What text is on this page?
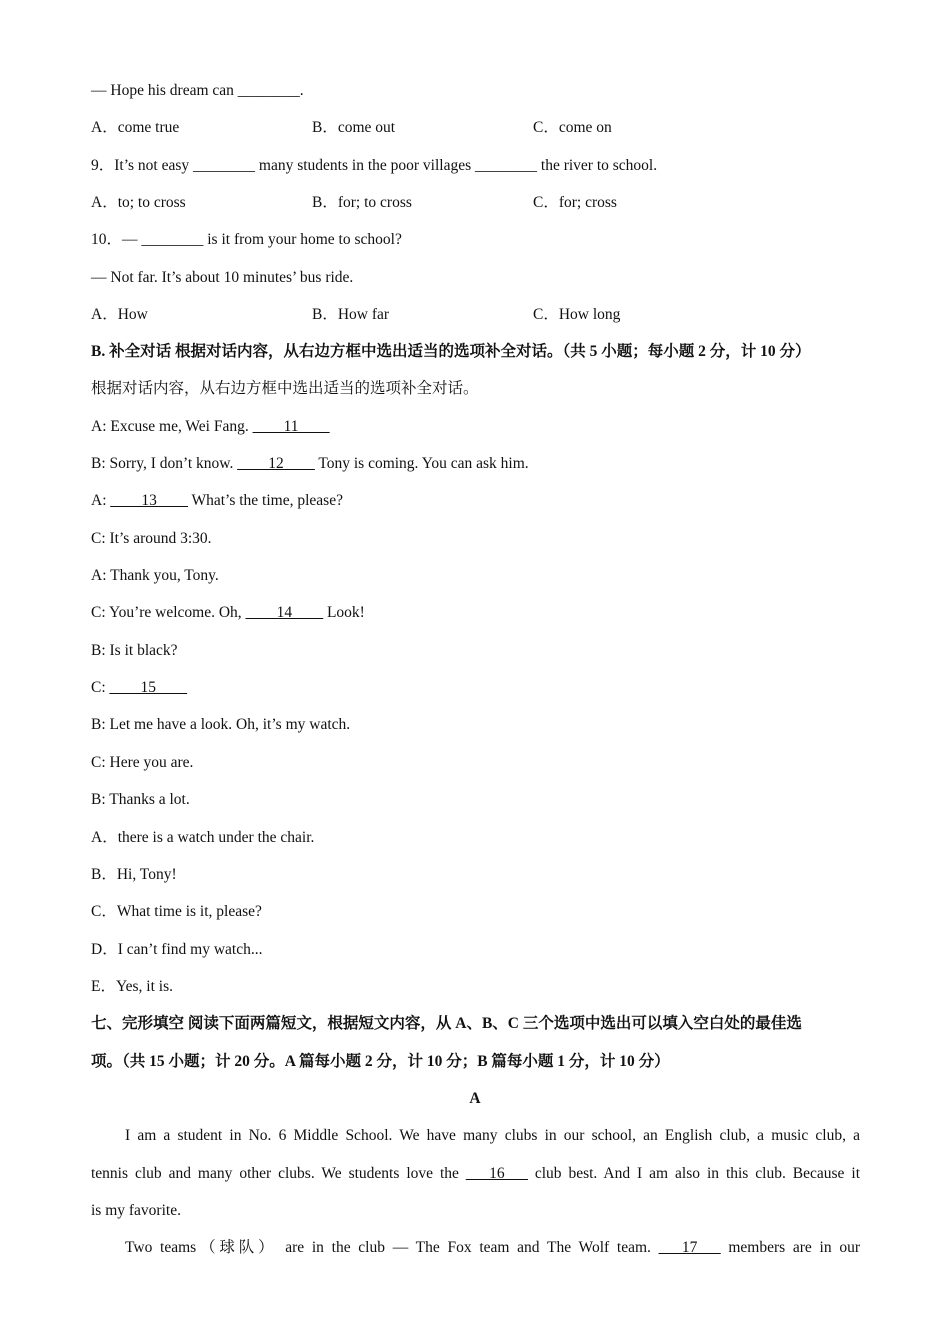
— Hope his dream can ________.
A．come true	B．come out	C．come on
9．It’s not easy ________ many students in the poor villages ________ the river to school.
A．to; to cross	B．for; to cross	C．for; cross
10．— ________ is it from your home to school?
— Not far. It’s about 10 minutes’ bus ride.
A．How	B．How far	C．How long
B. 补全对话 根据对话内容，从右边方框中选出适当的选项补全对话。（共 5 小题；每小题 2 分，计 10 分）
根据对话内容，从右边方框中选出适当的选项补全对话。
A: Excuse me, Wei Fang. ____11____
B: Sorry, I don’t know. ____12____ Tony is coming. You can ask him.
A: ____13____ What’s the time, please?
C: It’s around 3:30.
A: Thank you, Tony.
C: You’re welcome. Oh, ____14____ Look!
B: Is it black?
C: ____15____
B: Let me have a look. Oh, it’s my watch.
C: Here you are.
B: Thanks a lot.
A．there is a watch under the chair.
B．Hi, Tony!
C．What time is it, please?
D．I can’t find my watch...
E．Yes, it is.
七、完形填空 阅读下面两篇短文，根据短文内容，从 A、B、C 三个选项中选出可以填入空白处的最佳选
项。（共 15 小题；计 20 分。A 篇每小题 2 分，计 10 分；B 篇每小题 1 分，计 10 分）
A
I am a student in No. 6 Middle School. We have many clubs in our school, an English club, a music club, a
tennis club and many other clubs. We students love the ___16___ club best. And I am also in this club. Because it
is my favorite.
Two teams（球队） are in the club — The Fox team and The Wolf team. ___17___ members are in our
